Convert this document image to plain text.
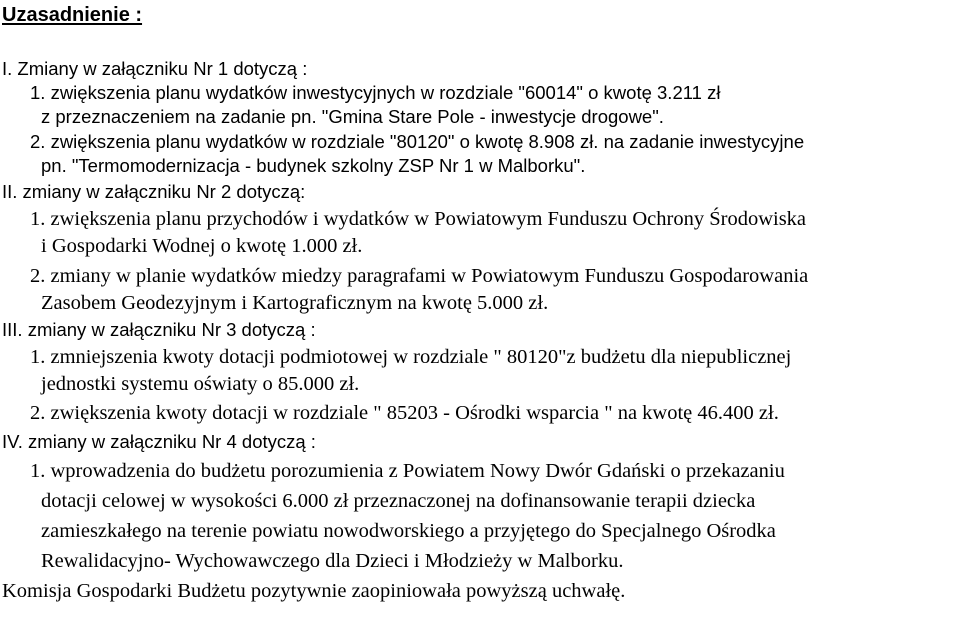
Uzasadnienie :
I. Zmiany w załączniku Nr 1 dotyczą :
1. zwiększenia planu wydatków inwestycyjnych w rozdziale "60014" o kwotę 3.211 zł
z przeznaczeniem na zadanie pn. "Gmina Stare Pole - inwestycje drogowe".
2. zwiększenia planu wydatków w rozdziale "80120" o kwotę 8.908 zł. na zadanie inwestycyjne
pn. "Termomodernizacja - budynek szkolny ZSP Nr 1 w Malborku".
II. zmiany w załączniku Nr 2 dotyczą:
1. zwiększenia planu przychodów i wydatków w Powiatowym Funduszu Ochrony Środowiska
i Gospodarki Wodnej o kwotę 1.000 zł.
2. zmiany w planie wydatków miedzy paragrafami w Powiatowym Funduszu Gospodarowania
Zasobem Geodezyjnym i Kartograficznym na kwotę 5.000 zł.
III. zmiany w załączniku Nr 3 dotyczą :
1. zmniejszenia kwoty dotacji podmiotowej w rozdziale " 80120"z budżetu dla niepublicznej
jednostki systemu oświaty o 85.000 zł.
2. zwiększenia kwoty dotacji w rozdziale " 85203 - Ośrodki wsparcia " na kwotę 46.400 zł.
IV. zmiany w załączniku Nr 4 dotyczą :
1. wprowadzenia do budżetu porozumienia z Powiatem Nowy Dwór Gdański o przekazaniu
dotacji celowej w wysokości 6.000 zł przeznaczonej na dofinansowanie terapii dziecka
zamieszkałego na terenie powiatu nowodworskiego a przyjętego do Specjalnego Ośrodka
Rewalidacyjno- Wychowawczego dla Dzieci i Młodzieży w Malborku.
Komisja Gospodarki Budżetu pozytywnie zaopiniowała powyższą uchwałę.
